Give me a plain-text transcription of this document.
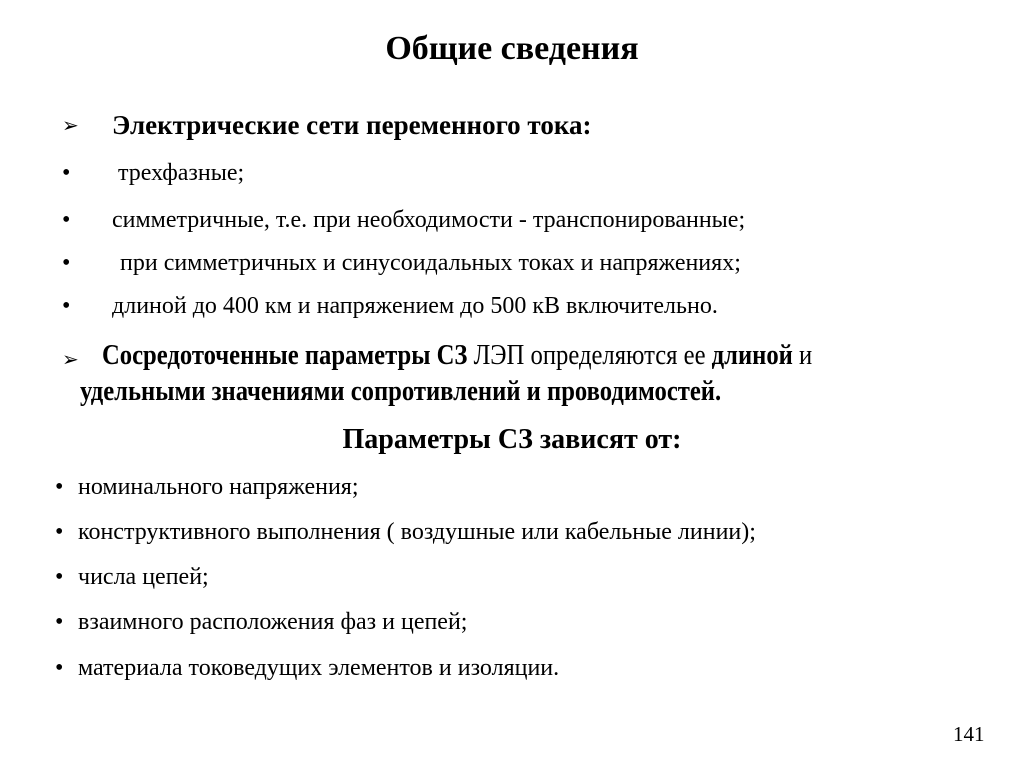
Общие сведения
➢ Электрические сети переменного тока:
• трехфазные;
• симметричные, т.е. при необходимости - транспонированные;
• при симметричных и синусоидальных токах и напряжениях;
• длиной до 400 км и напряжением до 500 кВ включительно.
➢ Сосредоточенные параметры СЗ ЛЭП определяются ее длиной и
удельными значениями сопротивлений и проводимостей.
Параметры СЗ зависят от:
• номинального напряжения;
• конструктивного выполнения ( воздушные или кабельные линии);
• числа цепей;
• взаимного расположения фаз и цепей;
• материала токоведущих элементов и изоляции.
141
